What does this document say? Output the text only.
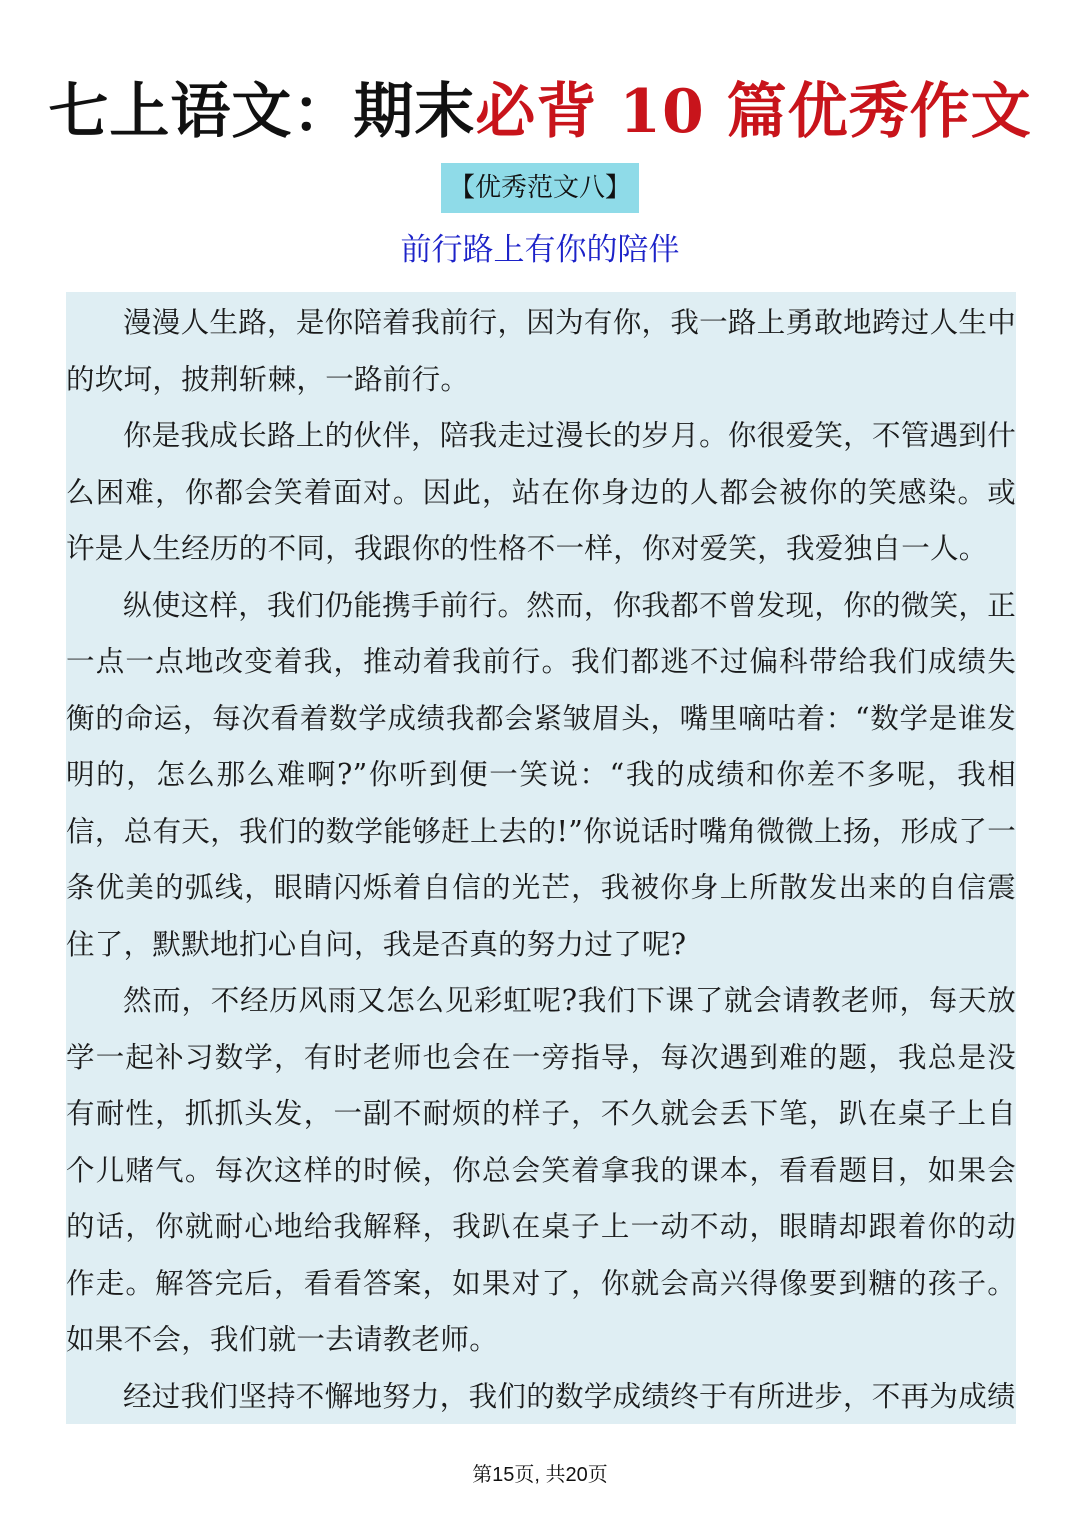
七上语文：期末必背 10 篇优秀作文
【优秀范文八】
前行路上有你的陪伴

漫漫人生路，是你陪着我前行，因为有你，我一路上勇敢地跨过人生中的坎坷，披荆斩棘，一路前行。

你是我成长路上的伙伴，陪我走过漫长的岁月。你很爱笑，不管遇到什么困难，你都会笑着面对。因此，站在你身边的人都会被你的笑感染。或许是人生经历的不同，我跟你的性格不一样，你对爱笑，我爱独自一人。

纵使这样，我们仍能携手前行。然而，你我都不曾发现，你的微笑，正一点一点地改变着我，推动着我前行。我们都逃不过偏科带给我们成绩失衡的命运，每次看着数学成绩我都会紧皱眉头，嘴里嘀咕着：“数学是谁发明的，怎么那么难啊?”你听到便一笑说：“我的成绩和你差不多呢，我相信，总有天，我们的数学能够赶上去的!”你说话时嘴角微微上扬，形成了一条优美的弧线，眼睛闪烁着自信的光芒，我被你身上所散发出来的自信震住了，默默地扪心自问，我是否真的努力过了呢?

然而，不经历风雨又怎么见彩虹呢?我们下课了就会请教老师，每天放学一起补习数学，有时老师也会在一旁指导，每次遇到难的题，我总是没有耐性，抓抓头发，一副不耐烦的样子，不久就会丢下笔，趴在桌子上自个儿赌气。每次这样的时候，你总会笑着拿我的课本，看看题目，如果会的话，你就耐心地给我解释，我趴在桌子上一动不动，眼睛却跟着你的动作走。解答完后，看看答案，如果对了，你就会高兴得像要到糖的孩子。如果不会，我们就一去请教老师。

经过我们坚持不懈地努力，我们的数学成绩终于有所进步，不再为成绩

第15页, 共20页
